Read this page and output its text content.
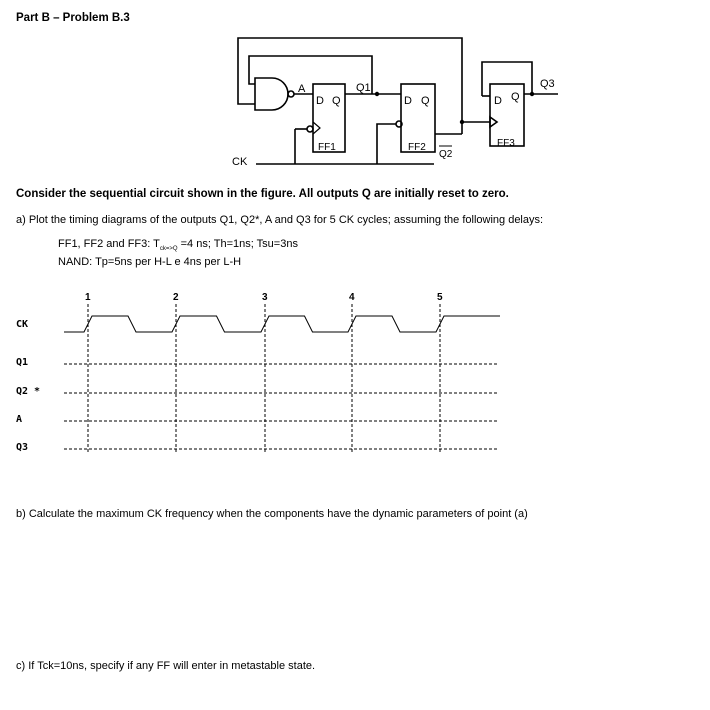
Part B – Problem B.3
A	Q1	Q3
CK
D Q	D Q	D Q
FF1	FF2	FF3
Q2
Consider the sequential circuit shown in the figure. All outputs Q are initially reset to zero.
a) Plot the timing diagrams of the outputs Q1, Q2*, A and Q3 for 5 CK cycles; assuming the following delays:
FF1, FF2 and FF3: $T_{ck=>Q} =4$ ns; Th=1ns; Tsu=3ns
NAND: Tp=5ns per H-L e 4ns per L-H
1	2	3	4	5
CK
Q1
Q2 *
A
Q3
b) Calculate the maximum CK frequency when the components have the dynamic parameters of point (a)
c) If Tck=10ns, specify if any FF will enter in metastable state.
